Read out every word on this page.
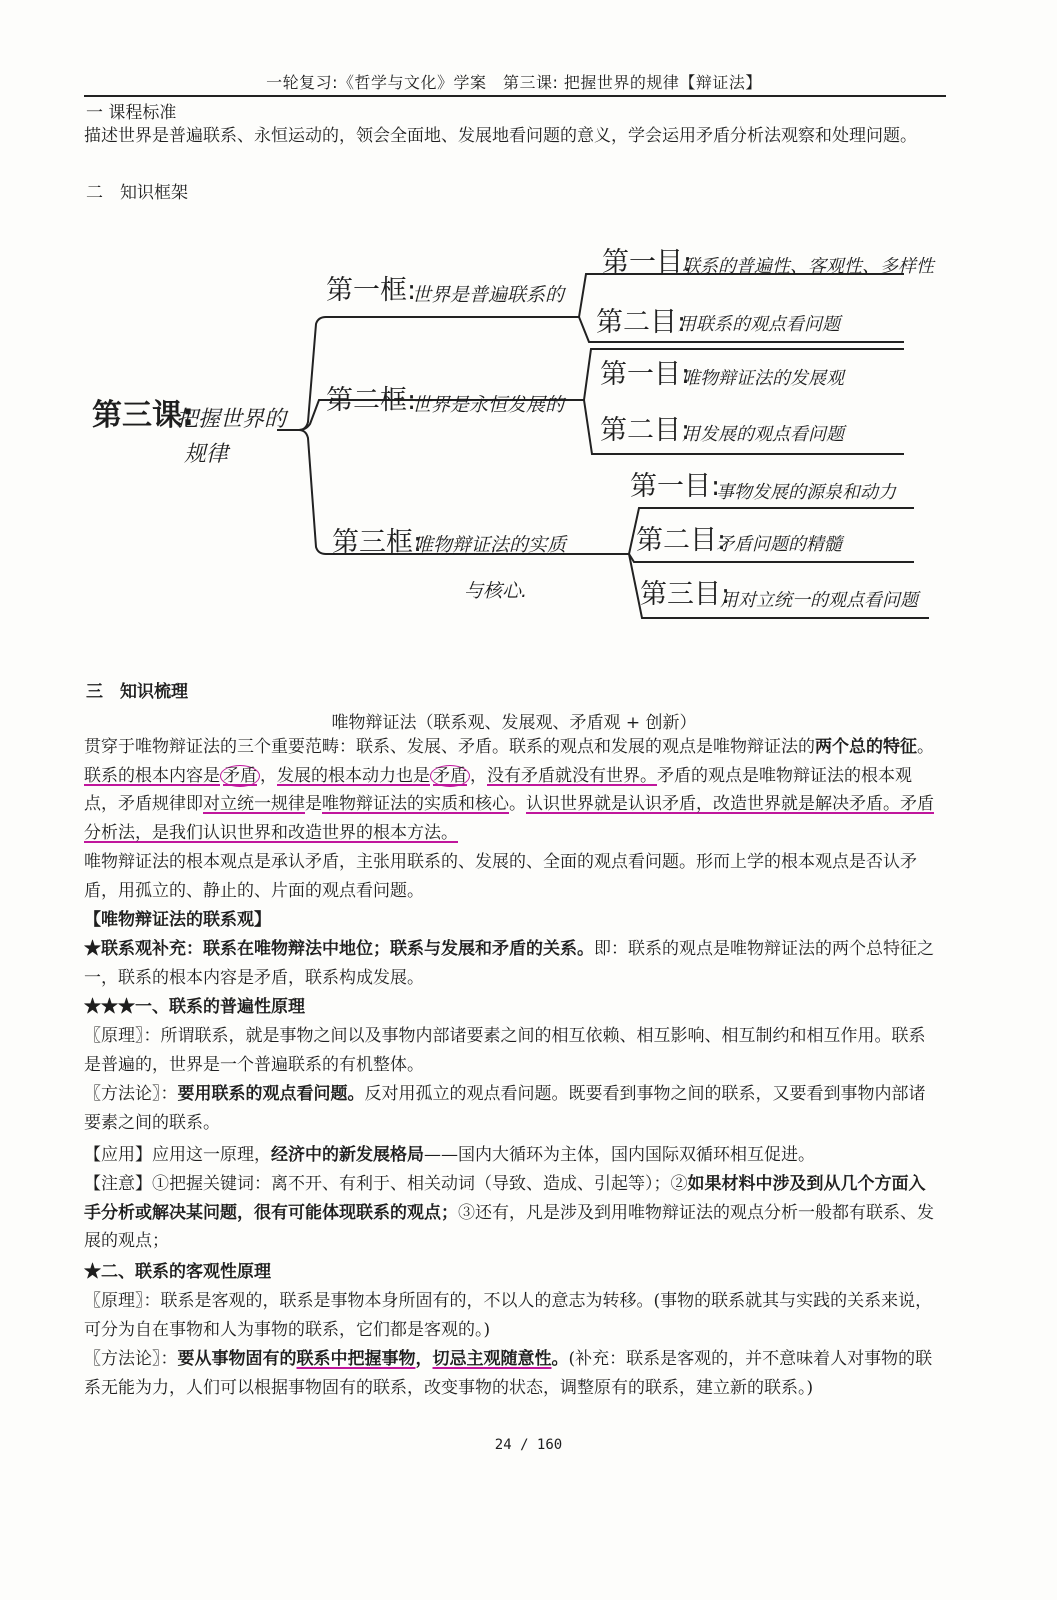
一轮复习:《哲学与文化》学案　第三课: 把握世界的规律【辩证法】
一 课程标准
描述世界是普遍联系、永恒运动的，领会全面地、发展地看问题的意义，学会运用矛盾分析法观察和处理问题。
二　知识框架
第三课:
把握世界的
规律
第一框:
世界是普遍联系的
第一目:
联系的普遍性、客观性、多样性
第二目:
用联系的观点看问题
第二框:
世界是永恒发展的
第一目:
唯物辩证法的发展观
第二目:
用发展的观点看问题
第三框:
唯物辩证法的实质
与核心.
第一目:
事物发展的源泉和动力
第二目:
矛盾问题的精髓
第三目:
用对立统一的观点看问题
三　知识梳理
唯物辩证法（联系观、发展观、矛盾观 + 创新）
贯穿于唯物辩证法的三个重要范畴：联系、发展、矛盾。联系的观点和发展的观点是唯物辩证法的两个总的特征。联系的根本内容是 矛盾 ，发展的根本动力也是 矛盾 ，没有矛盾就没有世界。矛盾的观点是唯物辩证法的根本观点，矛盾规律即对立统一规律是唯物辩证法的实质和核心。认识世界就是认识矛盾，改造世界就是解决矛盾。矛盾分析法，是我们认识世界和改造世界的根本方法。
唯物辩证法的根本观点是承认矛盾，主张用联系的、发展的、全面的观点看问题。形而上学的根本观点是否认矛盾，用孤立的、静止的、片面的观点看问题。
【唯物辩证法的联系观】
★联系观补充：联系在唯物辩法中地位；联系与发展和矛盾的关系。即：联系的观点是唯物辩证法的两个总特征之一，联系的根本内容是矛盾，联系构成发展。
★★★一、联系的普遍性原理
〖原理〗：所谓联系，就是事物之间以及事物内部诸要素之间的相互依赖、相互影响、相互制约和相互作用。联系是普遍的，世界是一个普遍联系的有机整体。
〖方法论〗：要用联系的观点看问题。反对用孤立的观点看问题。既要看到事物之间的联系，又要看到事物内部诸要素之间的联系。
【应用】应用这一原理，经济中的新发展格局——国内大循环为主体，国内国际双循环相互促进。
【注意】①把握关键词：离不开、有利于、相关动词（导致、造成、引起等）；②如果材料中涉及到从几个方面入手分析或解决某问题，很有可能体现联系的观点；③还有，凡是涉及到用唯物辩证法的观点分析一般都有联系、发展的观点；
★二、联系的客观性原理
〖原理〗：联系是客观的，联系是事物本身所固有的，不以人的意志为转移。(事物的联系就其与实践的关系来说，可分为自在事物和人为事物的联系，它们都是客观的。)
〖方法论〗：要从事物固有的联系中把握事物，切忌主观随意性。(补充：联系是客观的，并不意味着人对事物的联系无能为力，人们可以根据事物固有的联系，改变事物的状态，调整原有的联系，建立新的联系。)
24 / 160
